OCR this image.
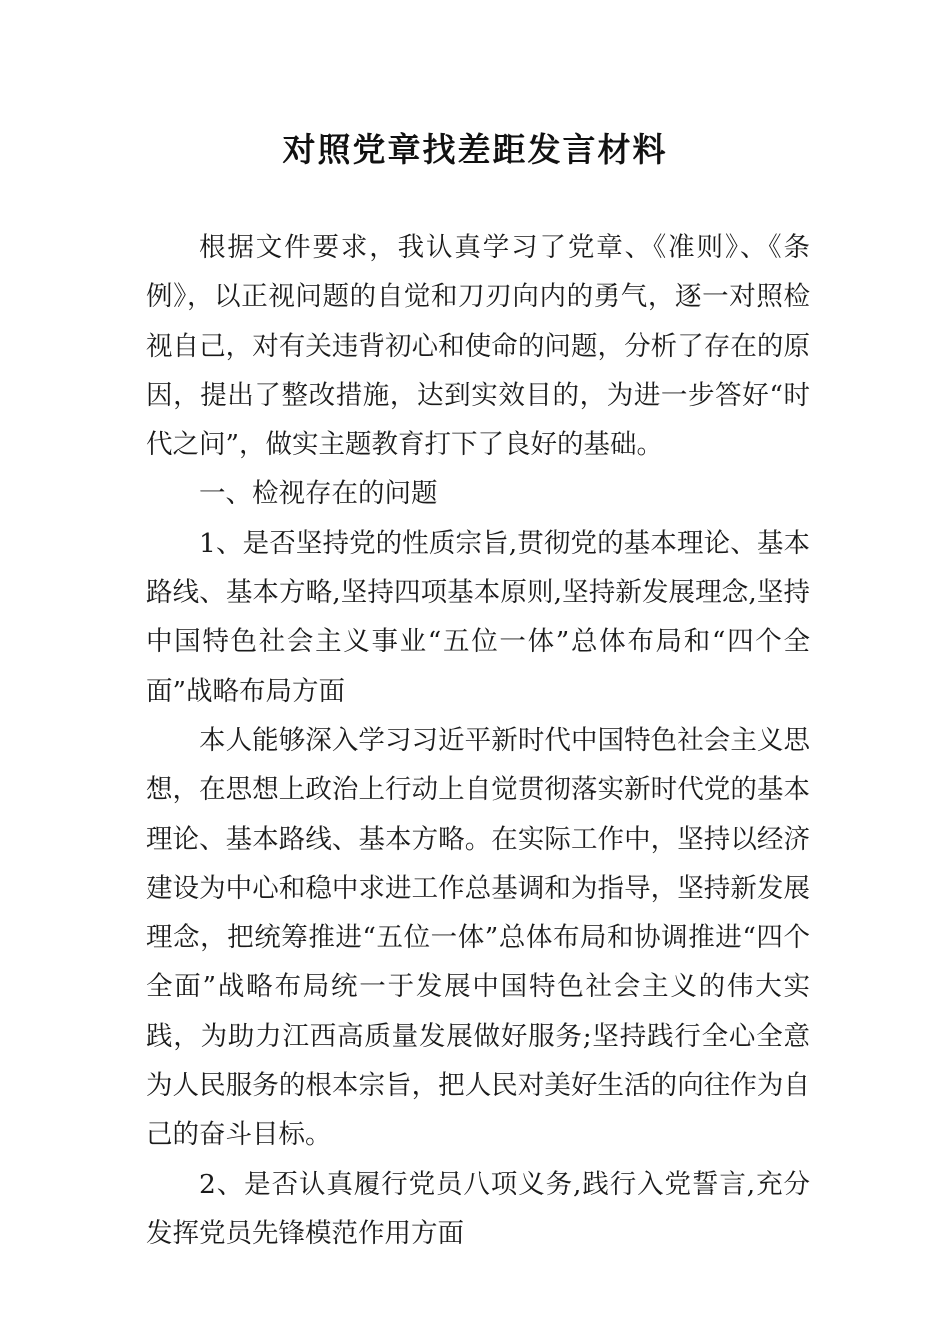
对照党章找差距发言材料

根据文件要求，我认真学习了党章、《准则》、《条例》，以正视问题的自觉和刀刃向内的勇气，逐一对照检视自己，对有关违背初心和使命的问题，分析了存在的原因，提出了整改措施，达到实效目的，为进一步答好“时代之问”，做实主题教育打下了良好的基础。

一、检视存在的问题

1、是否坚持党的性质宗旨,贯彻党的基本理论、基本路线、基本方略,坚持四项基本原则,坚持新发展理念,坚持中国特色社会主义事业“五位一体”总体布局和“四个全面”战略布局方面

本人能够深入学习习近平新时代中国特色社会主义思想，在思想上政治上行动上自觉贯彻落实新时代党的基本理论、基本路线、基本方略。在实际工作中，坚持以经济建设为中心和稳中求进工作总基调和为指导，坚持新发展理念，把统筹推进“五位一体”总体布局和协调推进“四个全面”战略布局统一于发展中国特色社会主义的伟大实践，为助力江西高质量发展做好服务;坚持践行全心全意为人民服务的根本宗旨，把人民对美好生活的向往作为自己的奋斗目标。

2、是否认真履行党员八项义务,践行入党誓言,充分发挥党员先锋模范作用方面
